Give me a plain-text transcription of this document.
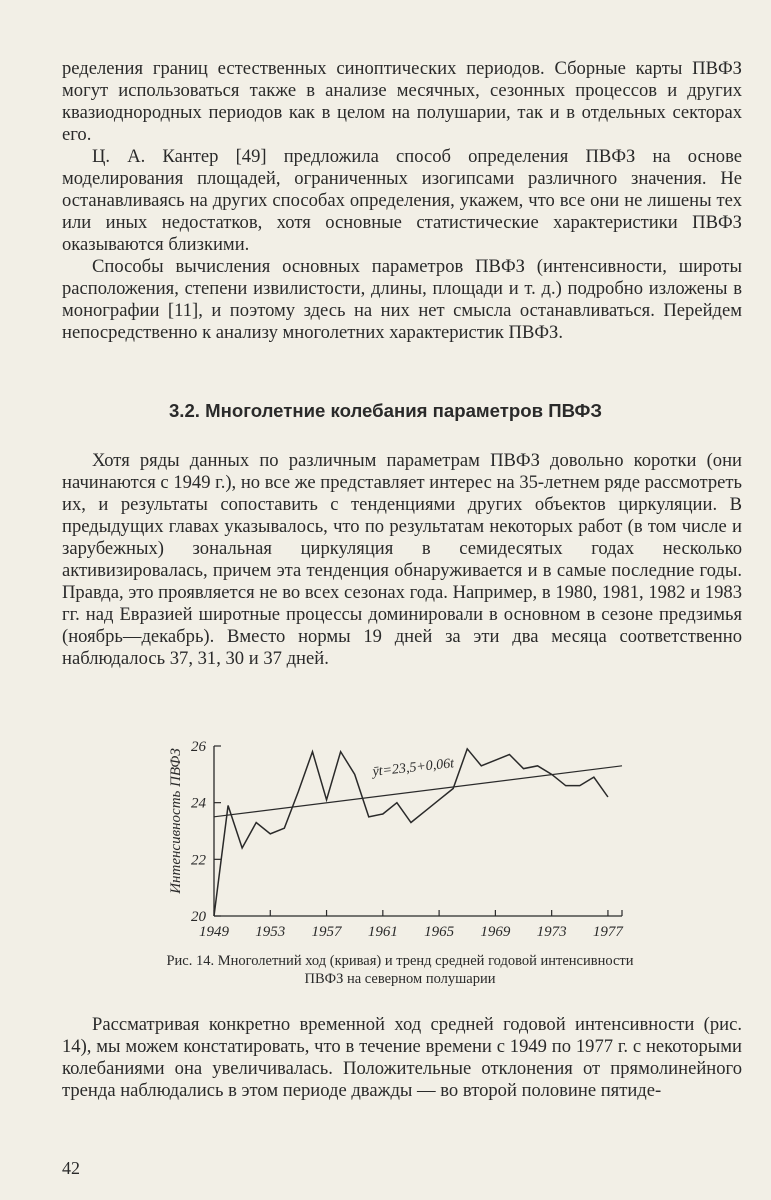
ределения границ естественных синоптических периодов. Сборные карты ПВФЗ могут использоваться также в анализе месячных, сезонных процессов и других квазиоднородных периодов как в целом на полушарии, так и в отдельных секторах его.

Ц. А. Кантер [49] предложила способ определения ПВФЗ на основе моделирования площадей, ограниченных изогипсами различного значения. Не останавливаясь на других способах определения, укажем, что все они не лишены тех или иных недостатков, хотя основные статистические характеристики ПВФЗ оказываются близкими.

Способы вычисления основных параметров ПВФЗ (интенсивности, широты расположения, степени извилистости, длины, площади и т. д.) подробно изложены в монографии [11], и поэтому здесь на них нет смысла останавливаться. Перейдем непосредственно к анализу многолетних характеристик ПВФЗ.

3.2. Многолетние колебания параметров ПВФЗ

Хотя ряды данных по различным параметрам ПВФЗ довольно коротки (они начинаются с 1949 г.), но все же представляет интерес на 35-летнем ряде рассмотреть их, и результаты сопоставить с тенденциями других объектов циркуляции. В предыдущих главах указывалось, что по результатам некоторых работ (в том числе и зарубежных) зональная циркуляция в семидесятых годах несколько активизировалась, причем эта тенденция обнаруживается и в самые последние годы. Правда, это проявляется не во всех сезонах года. Например, в 1980, 1981, 1982 и 1983 гг. над Евразией широтные процессы доминировали в основном в сезоне предзимья (ноябрь—декабрь). Вместо нормы 19 дней за эти два месяца соответственно наблюдалось 37, 31, 30 и 37 дней.

20
22
24
26
1949 1953 1957 1961 1965 1969 1973 1977
Интенсивность ПВФЗ	ȳt=23,5+0,06t
Рис. 14. Многолетний ход (кривая) и тренд средней годовой интенсивности ПВФЗ на северном полушарии

Рассматривая конкретно временной ход средней годовой интенсивности (рис. 14), мы можем констатировать, что в течение времени с 1949 по 1977 г. с некоторыми колебаниями она увеличивалась. Положительные отклонения от прямолинейного тренда наблюдались в этом периоде дважды — во второй половине пятиде-

42
